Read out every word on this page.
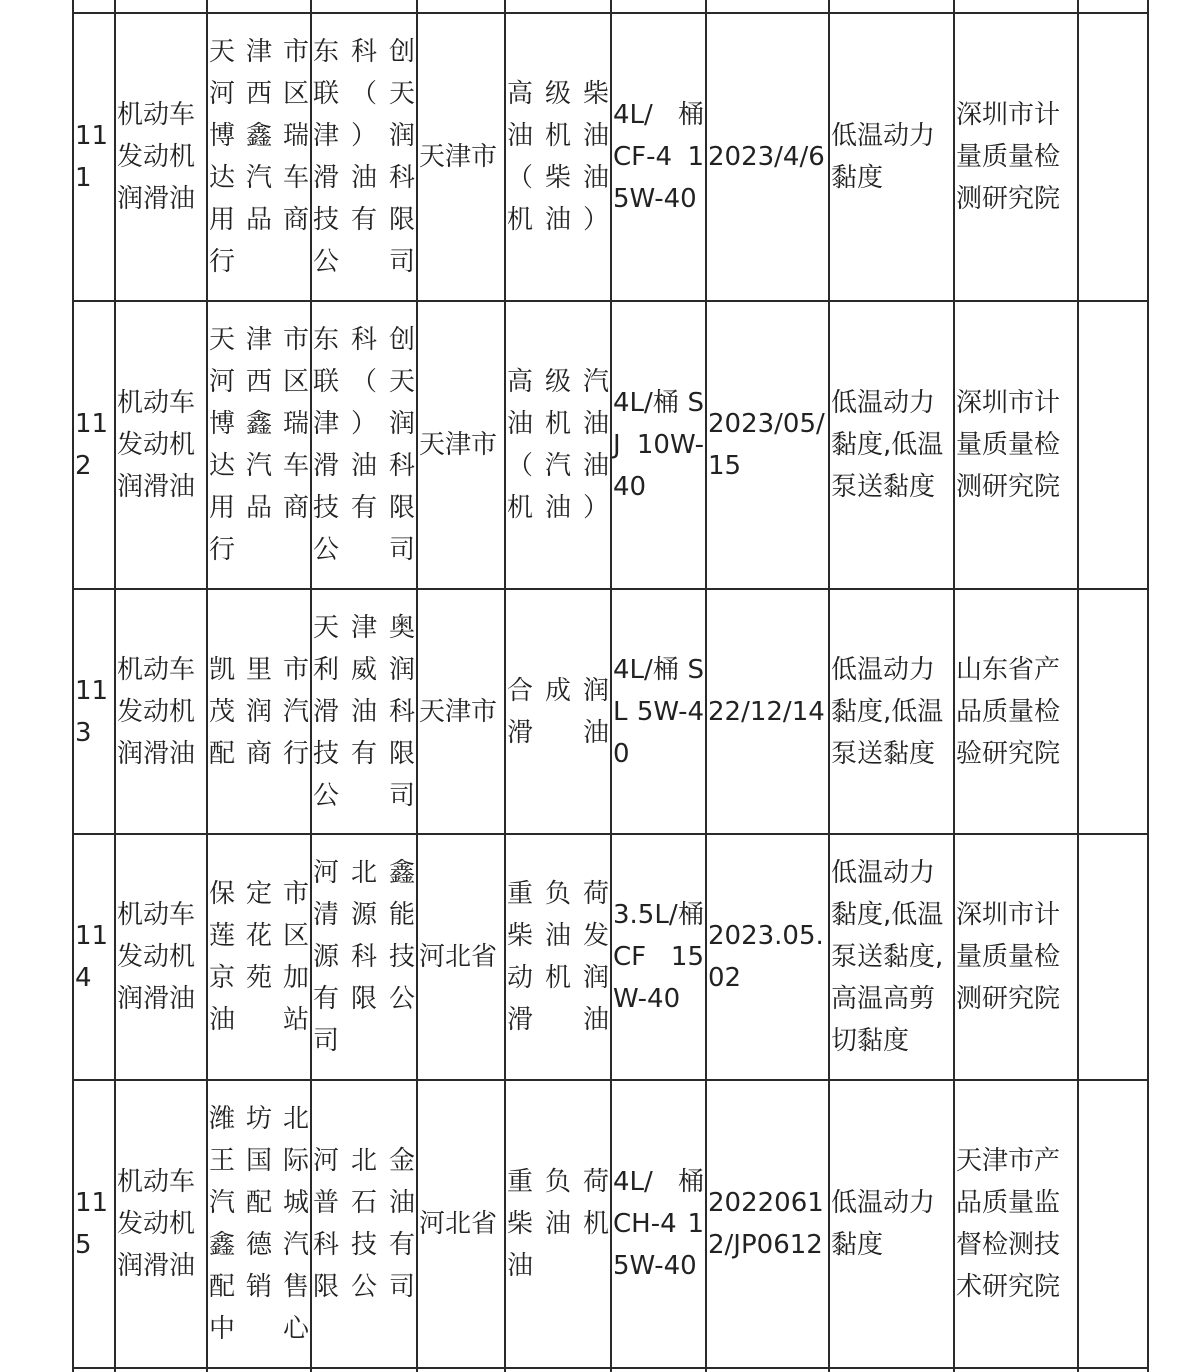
111	机动车发动机润滑油	天津市河西区博鑫瑞达汽车用品商行	东科创联（天津）润滑油科技有限公司	天津市	高级柴油机油（柴油机油）	4L/桶 CF-4 15W-40	2023/4/6	低温动力黏度	深圳市计量质量检测研究院	
112	机动车发动机润滑油	天津市河西区博鑫瑞达汽车用品商行	东科创联（天津）润滑油科技有限公司	天津市	高级汽油机油（汽油机油）	4L/桶 SJ 10W-40	2023/05/15	低温动力黏度,低温泵送黏度	深圳市计量质量检测研究院	
113	机动车发动机润滑油	凯里市茂润汽配商行	天津奥利威润滑油科技有限公司	天津市	合成润滑油	4L/桶 SL 5W-40	22/12/14	低温动力黏度,低温泵送黏度	山东省产品质量检验研究院	
114	机动车发动机润滑油	保定市莲花区京苑加油站	河北鑫清源能源科技有限公司	河北省	重负荷柴油发动机润滑油	3.5L/桶 CF 15W-40	2023.05.02	低温动力黏度,低温泵送黏度,高温高剪切黏度	深圳市计量质量检测研究院	
115	机动车发动机润滑油	潍坊北王国际汽配城鑫德汽配销售中心	河北金普石油科技有限公司	河北省	重负荷柴油机油	4L/桶 CH-4 15W-40	20220612/JP0612	低温动力黏度	天津市产品质量监督检测技术研究院	
